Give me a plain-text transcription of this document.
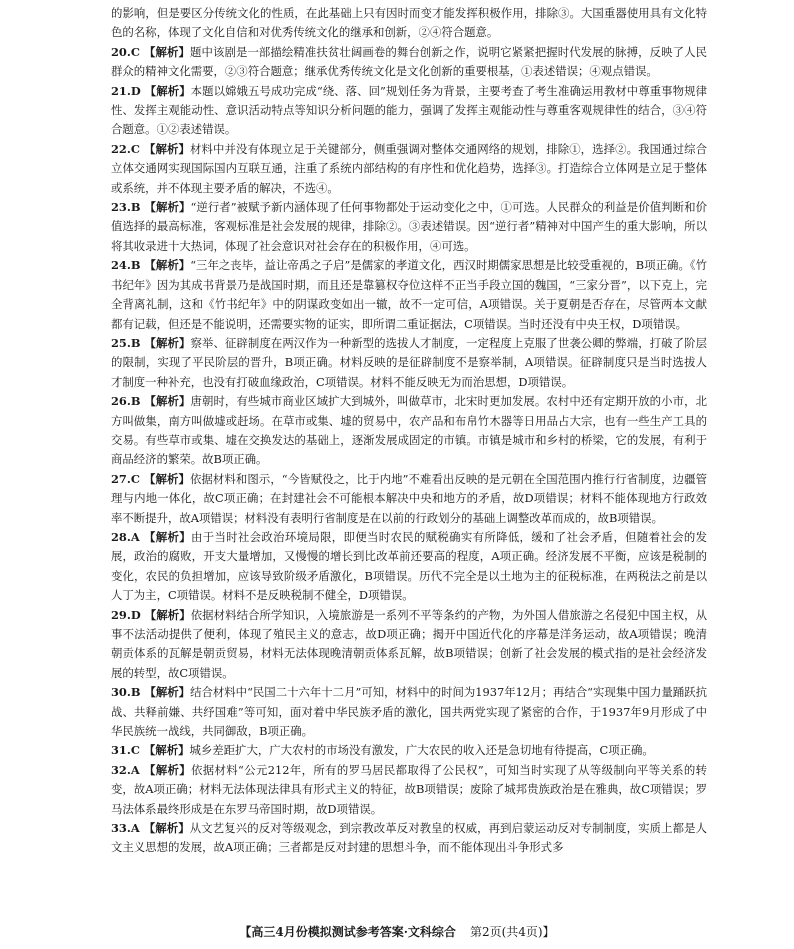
的影响，但是要区分传统文化的性质，在此基础上只有因时而变才能发挥积极作用，排除③。大国重器使用具有文化特色的名称，体现了文化自信和对优秀传统文化的继承和创新，②④符合题意。
20.C 【解析】题中该剧是一部描绘精准扶贫壮阔画卷的舞台创新之作，说明它紧紧把握时代发展的脉搏，反映了人民群众的精神文化需要，②③符合题意；继承优秀传统文化是文化创新的重要根基，①表述错误；④观点错误。
21.D 【解析】本题以嫦娥五号成功完成“绕、落、回”规划任务为背景，主要考查了考生准确运用教材中尊重事物规律性、发挥主观能动性、意识活动特点等知识分析问题的能力，强调了发挥主观能动性与尊重客观规律性的结合，③④符合题意。①②表述错误。
22.C 【解析】材料中并没有体现立足于关键部分，侧重强调对整体交通网络的规划，排除①，选择②。我国通过综合立体交通网实现国际国内互联互通，注重了系统内部结构的有序性和优化趋势，选择③。打造综合立体网是立足于整体或系统，并不体现主要矛盾的解决，不选④。
23.B 【解析】“逆行者”被赋予新内涵体现了任何事物都处于运动变化之中，①可选。人民群众的利益是价值判断和价值选择的最高标准，客观标准是社会发展的规律，排除②。③表述错误。因“逆行者”精神对中国产生的重大影响，所以将其收录进十大热词，体现了社会意识对社会存在的积极作用，④可选。
24.B 【解析】“三年之丧毕，益让帝禹之子启”是儒家的孝道文化，西汉时期儒家思想是比较受重视的，B项正确。《竹书纪年》因为其成书背景乃是战国时期，而且还是靠篡权夺位这样不正当手段立国的魏国，“三家分晋”，以下克上，完全背离礼制，这和《竹书纪年》中的阴谋政变如出一辙，故不一定可信，A项错误。关于夏朝是否存在，尽管两本文献都有记载，但还是不能说明，还需要实物的证实，即所谓二重证据法，C项错误。当时还没有中央王权，D项错误。
25.B 【解析】察举、征辟制度在两汉作为一种新型的选拔人才制度，一定程度上克服了世袭公卿的弊端，打破了阶层的限制，实现了平民阶层的晋升，B项正确。材料反映的是征辟制度不是察举制，A项错误。征辟制度只是当时选拔人才制度一种补充，也没有打破血缘政治，C项错误。材料不能反映无为而治思想，D项错误。
26.B 【解析】唐朝时，有些城市商业区域扩大到城外，叫做草市，北宋时更加发展。农村中还有定期开放的小市，北方叫做集，南方叫做墟或赶场。在草市或集、墟的贸易中，农产品和布帛竹木器等日用品占大宗，也有一些生产工具的交易。有些草市或集、墟在交换发达的基础上，逐渐发展成固定的市镇。市镇是城市和乡村的桥梁，它的发展，有利于商品经济的繁荣。故B项正确。
27.C 【解析】依据材料和图示，“今皆赋役之，比于内地”不难看出反映的是元朝在全国范围内推行行省制度，边疆管理与内地一体化，故C项正确；在封建社会不可能根本解决中央和地方的矛盾，故D项错误；材料不能体现地方行政效率不断提升，故A项错误；材料没有表明行省制度是在以前的行政划分的基础上调整改革而成的，故B项错误。
28.A 【解析】由于当时社会政治环境局限，即便当时农民的赋税确实有所降低，缓和了社会矛盾，但随着社会的发展，政治的腐败，开支大量增加，又慢慢的增长到比改革前还要高的程度，A项正确。经济发展不平衡，应该是税制的变化，农民的负担增加，应该导致阶级矛盾激化，B项错误。历代不完全是以土地为主的征税标准，在两税法之前是以人丁为主，C项错误。材料不是反映税制不健全，D项错误。
29.D 【解析】依据材料结合所学知识，入境旅游是一系列不平等条约的产物，为外国人借旅游之名侵犯中国主权，从事不法活动提供了便利，体现了殖民主义的意志，故D项正确；揭开中国近代化的序幕是洋务运动，故A项错误；晚清朝贡体系的瓦解是朝贡贸易，材料无法体现晚清朝贡体系瓦解，故B项错误；创新了社会发展的模式指的是社会经济发展的转型，故C项错误。
30.B 【解析】结合材料中“民国二十六年十二月”可知，材料中的时间为1937年12月；再结合“实现集中国力量踊跃抗战、共释前嫌、共纾国难”等可知，面对着中华民族矛盾的激化，国共两党实现了紧密的合作，于1937年9月形成了中华民族统一战线，共同御敌，B项正确。
31.C 【解析】城乡差距扩大，广大农村的市场没有激发，广大农民的收入还是急切地有待提高，C项正确。
32.A 【解析】依据材料“公元212年，所有的罗马居民都取得了公民权”，可知当时实现了从等级制向平等关系的转变，故A项正确；材料无法体现法律具有形式主义的特征，故B项错误；废除了城邦贵族政治是在雅典，故C项错误；罗马法体系最终形成是在东罗马帝国时期，故D项错误。
33.A 【解析】从文艺复兴的反对等级观念，到宗教改革反对教皇的权威，再到启蒙运动反对专制制度，实质上都是人文主义思想的发展，故A项正确；三者都是反对封建的思想斗争，而不能体现出斗争形式多
【高三4月份模拟测试参考答案·文科综合 第2页(共4页)】
